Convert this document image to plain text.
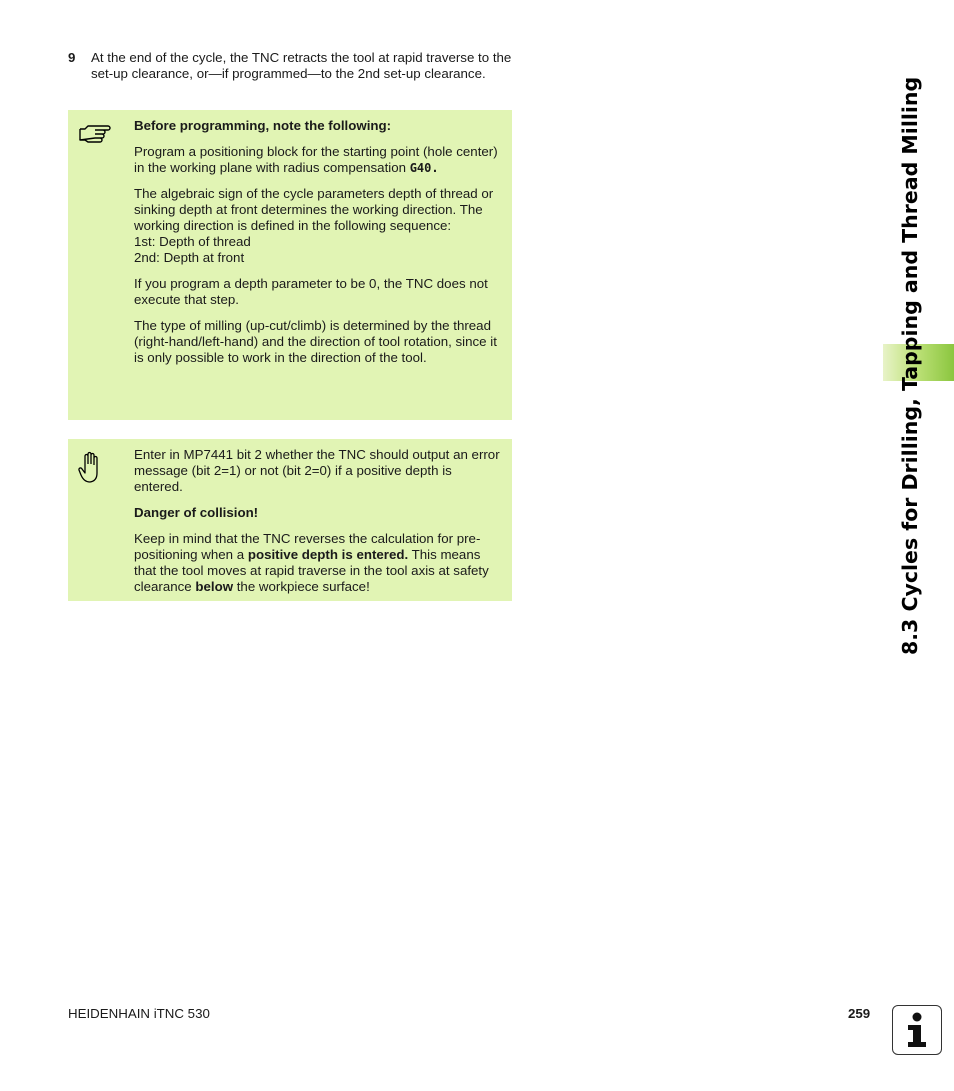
9 At the end of the cycle, the TNC retracts the tool at rapid traverse to the set-up clearance, or—if programmed—to the 2nd set-up clearance.

Before programming, note the following:

Program a positioning block for the starting point (hole center) in the working plane with radius compensation G40.

The algebraic sign of the cycle parameters depth of thread or sinking depth at front determines the working direction. The working direction is defined in the following sequence:
1st: Depth of thread
2nd: Depth at front

If you program a depth parameter to be 0, the TNC does not execute that step.

The type of milling (up-cut/climb) is determined by the thread (right-hand/left-hand) and the direction of tool rotation, since it is only possible to work in the direction of the tool.

Enter in MP7441 bit 2 whether the TNC should output an error message (bit 2=1) or not (bit 2=0) if a positive depth is entered.

Danger of collision!

Keep in mind that the TNC reverses the calculation for pre-positioning when a positive depth is entered. This means that the tool moves at rapid traverse in the tool axis at safety clearance below the workpiece surface!	8.3 Cycles for Drilling, Tapping and Thread Milling
HEIDENHAIN iTNC 530	259
